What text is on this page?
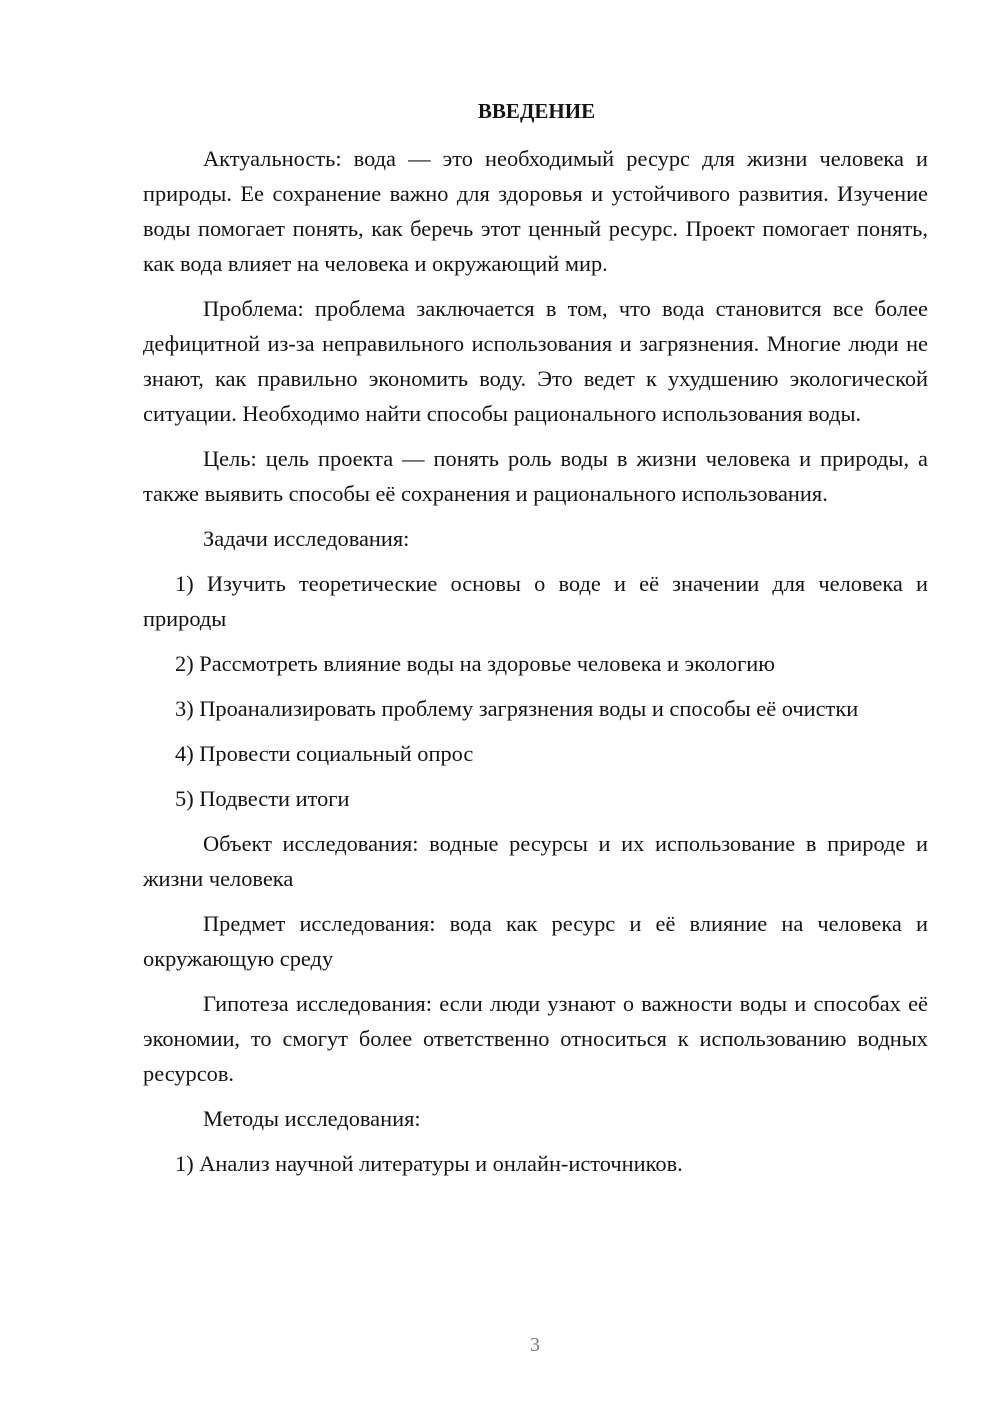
ВВЕДЕНИЕ

Актуальность: вода — это необходимый ресурс для жизни человека и природы. Ее сохранение важно для здоровья и устойчивого развития. Изучение воды помогает понять, как беречь этот ценный ресурс. Проект помогает понять, как вода влияет на человека и окружающий мир.

Проблема: проблема заключается в том, что вода становится все более дефицитной из-за неправильного использования и загрязнения. Многие люди не знают, как правильно экономить воду. Это ведет к ухудшению экологической ситуации. Необходимо найти способы рационального использования воды.

Цель: цель проекта — понять роль воды в жизни человека и природы, а также выявить способы её сохранения и рационального использования.

Задачи исследования:

1) Изучить теоретические основы о воде и её значении для человека и природы

2) Рассмотреть влияние воды на здоровье человека и экологию

3) Проанализировать проблему загрязнения воды и способы её очистки

4) Провести социальный опрос

5) Подвести итоги

Объект исследования: водные ресурсы и их использование в природе и жизни человека

Предмет исследования: вода как ресурс и её влияние на человека и окружающую среду

Гипотеза исследования: если люди узнают о важности воды и способах её экономии, то смогут более ответственно относиться к использованию водных ресурсов.

Методы исследования:

1) Анализ научной литературы и онлайн-источников.

3
